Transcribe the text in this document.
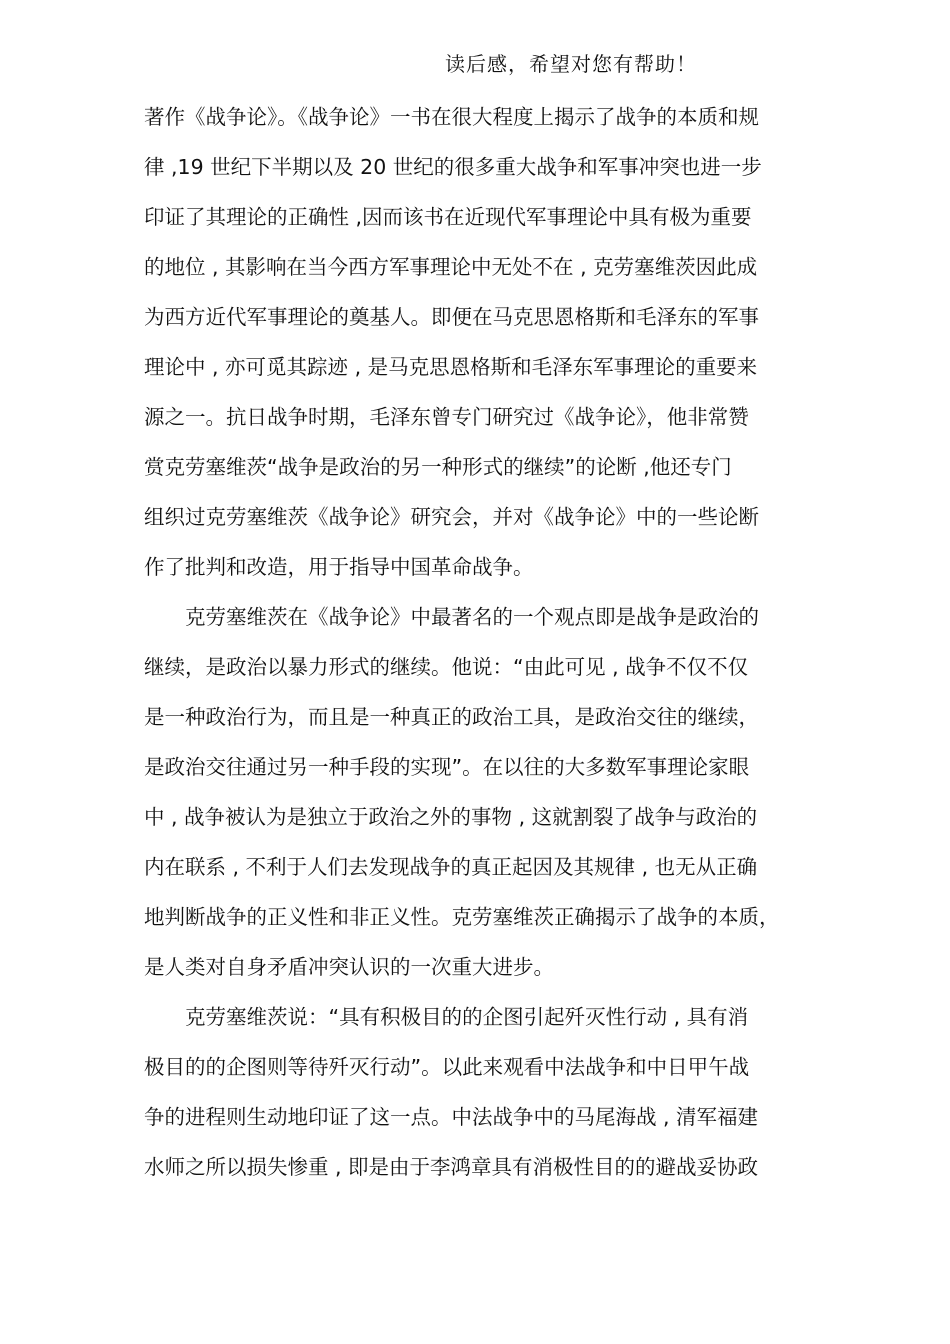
读后感，希望对您有帮助！
著作《战争论》。《战争论》一书在很大程度上揭示了战争的本质和规
律 ,19 世纪下半期以及 20 世纪的很多重大战争和军事冲突也进一步
印证了其理论的正确性 ,因而该书在近现代军事理论中具有极为重要
的地位 , 其影响在当今西方军事理论中无处不在 , 克劳塞维茨因此成
为西方近代军事理论的奠基人。即便在马克思恩格斯和毛泽东的军事
理论中 , 亦可觅其踪迹 , 是马克思恩格斯和毛泽东军事理论的重要来
源之一。抗日战争时期，毛泽东曾专门研究过《战争论》，他非常赞
赏克劳塞维茨“战争是政治的另一种形式的继续”的论断 ,他还专门
组织过克劳塞维茨《战争论》研究会，并对《战争论》中的一些论断
作了批判和改造，用于指导中国革命战争。
　　克劳塞维茨在《战争论》中最著名的一个观点即是战争是政治的
继续，是政治以暴力形式的继续。他说：“由此可见 , 战争不仅不仅
是一种政治行为，而且是一种真正的政治工具，是政治交往的继续，
是政治交往通过另一种手段的实现”。在以往的大多数军事理论家眼
中 , 战争被认为是独立于政治之外的事物 , 这就割裂了战争与政治的
内在联系 , 不利于人们去发现战争的真正起因及其规律 , 也无从正确
地判断战争的正义性和非正义性。克劳塞维茨正确揭示了战争的本质，
是人类对自身矛盾冲突认识的一次重大进步。
　　克劳塞维茨说：“具有积极目的的企图引起歼灭性行动 , 具有消
极目的的企图则等待歼灭行动”。以此来观看中法战争和中日甲午战
争的进程则生动地印证了这一点。中法战争中的马尾海战 , 清军福建
水师之所以损失惨重 , 即是由于李鸿章具有消极性目的的避战妥协政
